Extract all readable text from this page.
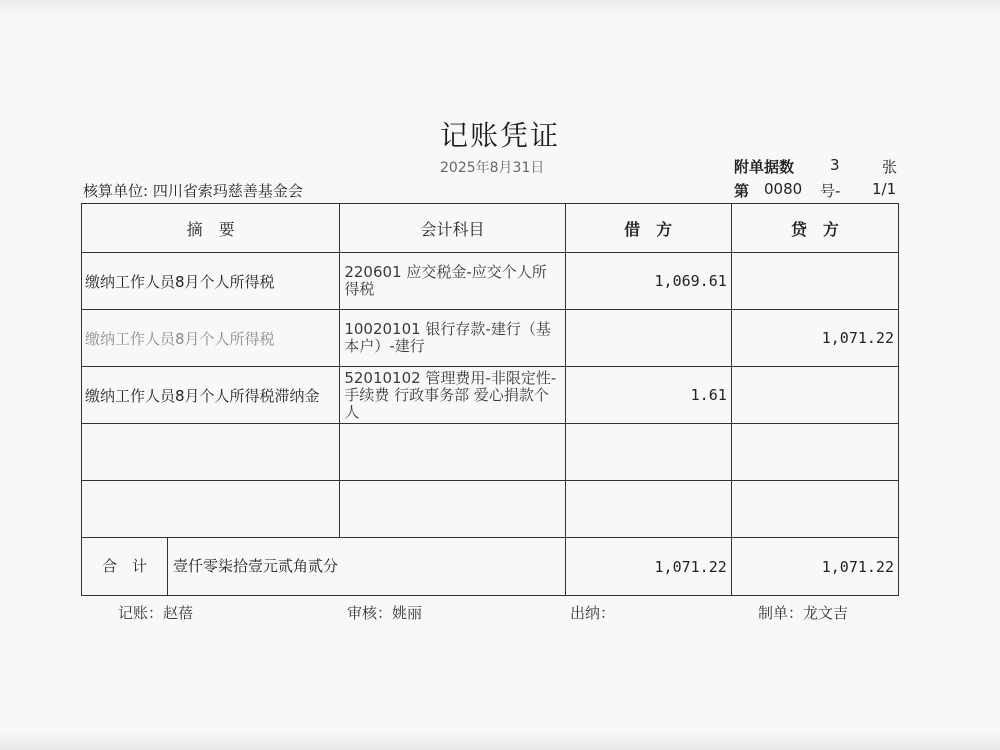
记账凭证
2025年8月31日	附单据数	张
核算单位: 四川省索玛慈善基金会	第 0080 号- 1/1
摘　要	会计科目	借　方	贷　方
缴纳工作人员8月个人所得税	220601 应交税金-应交个人所得税	1,069.61	
缴纳工作人员8月个人所得税	10020101 银行存款-建行（基本户）-建行		1,071.22
缴纳工作人员8月个人所得税滞纳金	52010102 管理费用-非限定性-手续费 行政事务部 爱心捐款个人	1.61	

合　计 壹仟零柒拾壹元贰角贰分		1,071.22	1,071.22
记账：赵蓓	审核：姚丽	出纳：	制单：龙文吉
